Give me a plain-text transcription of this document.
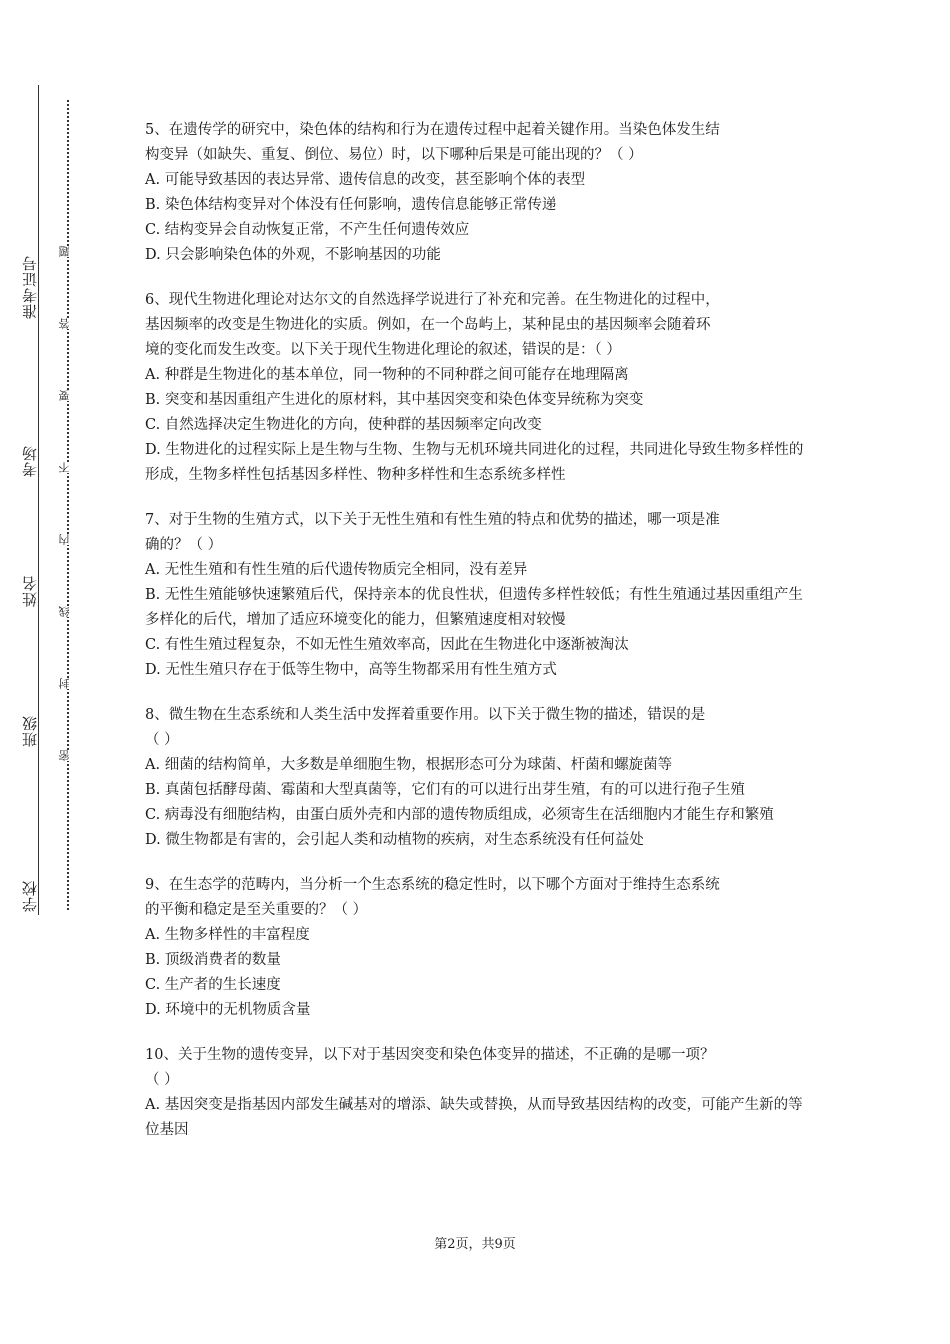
准考证号
考场
姓名
班级
学校
题
答
要
不
内
线
封
密
5、在遗传学的研究中，染色体的结构和行为在遗传过程中起着关键作用。当染色体发生结
构变异（如缺失、重复、倒位、易位）时，以下哪种后果是可能出现的？（ ）
A. 可能导致基因的表达异常、遗传信息的改变，甚至影响个体的表型
B. 染色体结构变异对个体没有任何影响，遗传信息能够正常传递
C. 结构变异会自动恢复正常，不产生任何遗传效应
D. 只会影响染色体的外观，不影响基因的功能
6、现代生物进化理论对达尔文的自然选择学说进行了补充和完善。在生物进化的过程中，
基因频率的改变是生物进化的实质。例如，在一个岛屿上，某种昆虫的基因频率会随着环
境的变化而发生改变。以下关于现代生物进化理论的叙述，错误的是：（ ）
A. 种群是生物进化的基本单位，同一物种的不同种群之间可能存在地理隔离
B. 突变和基因重组产生进化的原材料，其中基因突变和染色体变异统称为突变
C. 自然选择决定生物进化的方向，使种群的基因频率定向改变
D. 生物进化的过程实际上是生物与生物、生物与无机环境共同进化的过程，共同进化导致生物多样性的形成，生物多样性包括基因多样性、物种多样性和生态系统多样性
7、对于生物的生殖方式，以下关于无性生殖和有性生殖的特点和优势的描述，哪一项是准
确的？（ ）
A. 无性生殖和有性生殖的后代遗传物质完全相同，没有差异
B. 无性生殖能够快速繁殖后代，保持亲本的优良性状，但遗传多样性较低；有性生殖通过基因重组产生多样化的后代，增加了适应环境变化的能力，但繁殖速度相对较慢
C. 有性生殖过程复杂，不如无性生殖效率高，因此在生物进化中逐渐被淘汰
D. 无性生殖只存在于低等生物中，高等生物都采用有性生殖方式
8、微生物在生态系统和人类生活中发挥着重要作用。以下关于微生物的描述，错误的是
（ ）
A. 细菌的结构简单，大多数是单细胞生物，根据形态可分为球菌、杆菌和螺旋菌等
B. 真菌包括酵母菌、霉菌和大型真菌等，它们有的可以进行出芽生殖，有的可以进行孢子生殖
C. 病毒没有细胞结构，由蛋白质外壳和内部的遗传物质组成，必须寄生在活细胞内才能生存和繁殖
D. 微生物都是有害的，会引起人类和动植物的疾病，对生态系统没有任何益处
9、在生态学的范畴内，当分析一个生态系统的稳定性时，以下哪个方面对于维持生态系统
的平衡和稳定是至关重要的？（ ）
A. 生物多样性的丰富程度
B. 顶级消费者的数量
C. 生产者的生长速度
D. 环境中的无机物质含量
10、关于生物的遗传变异，以下对于基因突变和染色体变异的描述，不正确的是哪一项？
（ ）
A. 基因突变是指基因内部发生碱基对的增添、缺失或替换，从而导致基因结构的改变，可能产生新的等位基因
第2页，共9页
